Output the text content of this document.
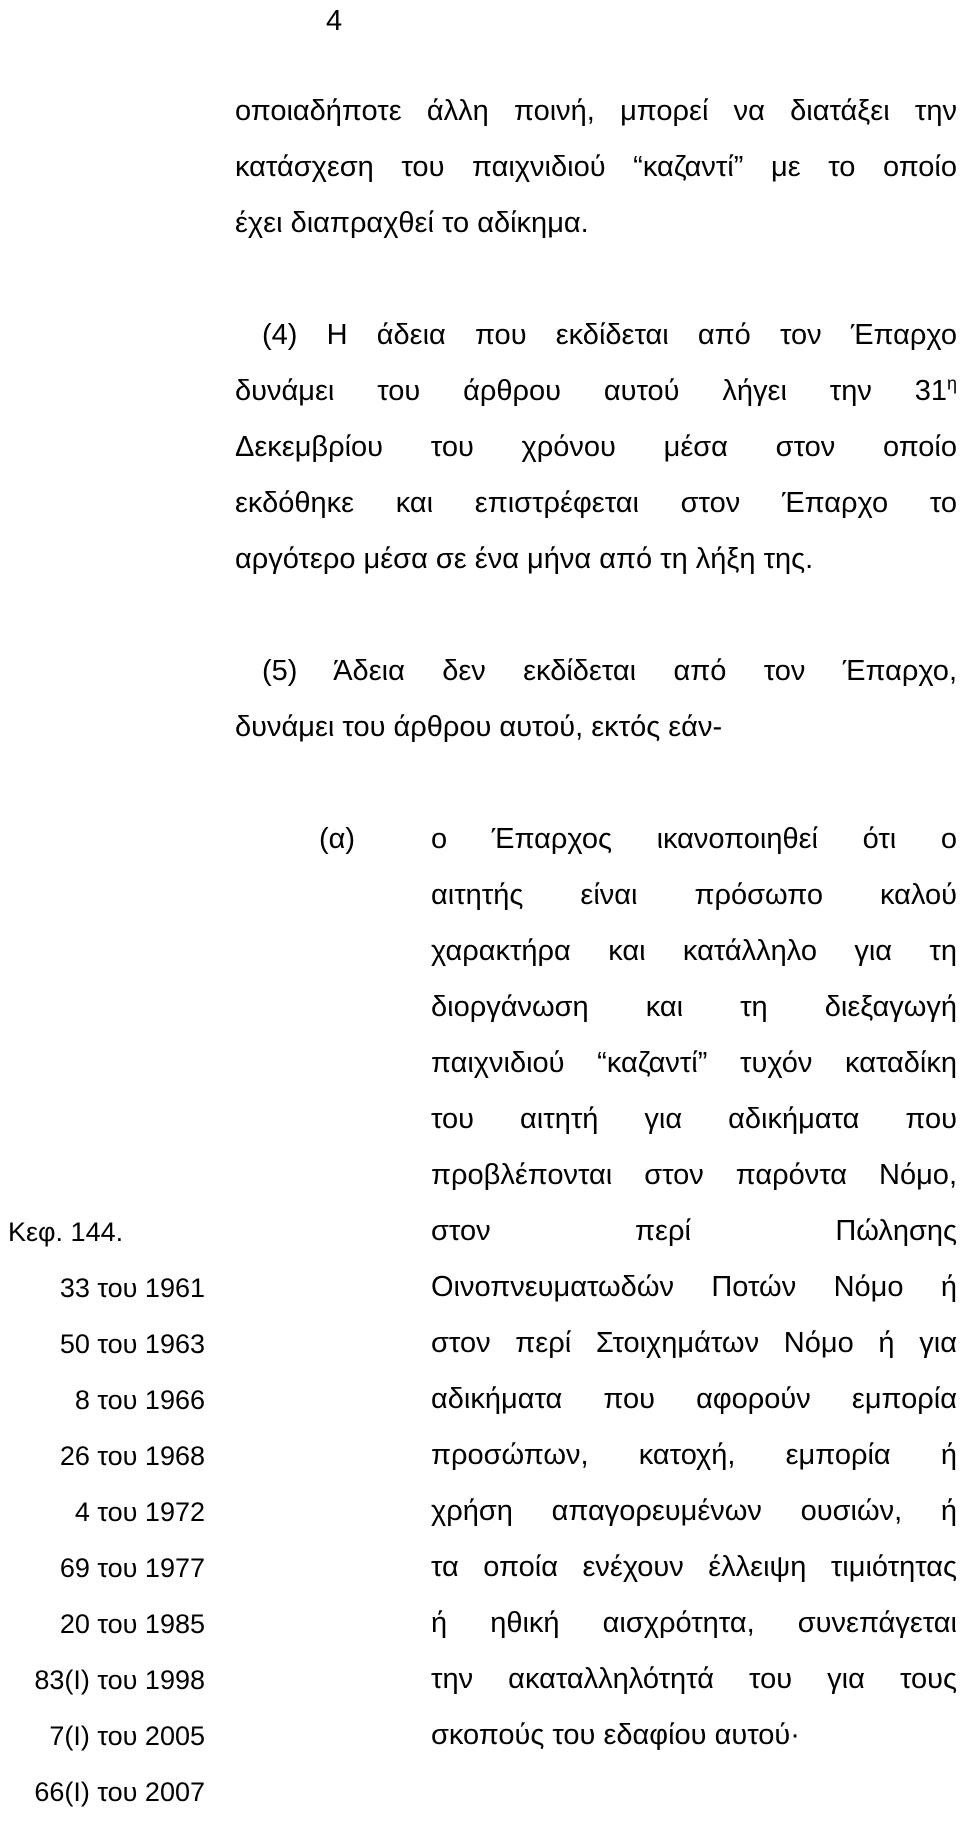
4
οποιαδήποτε άλλη ποινή, μπορεί να διατάξει την
κατάσχεση του παιχνιδιού “καζαντί” με το οποίο
έχει διαπραχθεί το αδίκημα.
(4) Η άδεια που εκδίδεται από τον Έπαρχο
δυνάμει του άρθρου αυτού λήγει την $31^\eta$
Δεκεμβρίου του χρόνου μέσα στον οποίο
εκδόθηκε και επιστρέφεται στον Έπαρχο το
αργότερο μέσα σε ένα μήνα από τη λήξη της.
(5) Άδεια δεν εκδίδεται από τον Έπαρχο,
δυνάμει του άρθρου αυτού, εκτός εάν-
(α)	ο Έπαρχος ικανοποιηθεί ότι ο
αιτητής είναι πρόσωπο καλού
χαρακτήρα και κατάλληλο για τη
διοργάνωση και τη διεξαγωγή
παιχνιδιού “καζαντί” τυχόν καταδίκη
του αιτητή για αδικήματα που
προβλέπονται στον παρόντα Νόμο,
στον περί Πώλησης
Οινοπνευματωδών Ποτών Νόμο ή
στον περί Στοιχημάτων Νόμο ή για
αδικήματα που αφορούν εμπορία
προσώπων, κατοχή, εμπορία ή
χρήση απαγορευμένων ουσιών, ή
τα οποία ενέχουν έλλειψη τιμιότητας
ή ηθική αισχρότητα, συνεπάγεται
την ακαταλληλότητά του για τους
σκοπούς του εδαφίου αυτού·
Κεφ. 144.
33 του 1961
50 του 1963
8 του 1966
26 του 1968
4 του 1972
69 του 1977
20 του 1985
83(Ι) του 1998
7(Ι) του 2005
66(Ι) του 2007
